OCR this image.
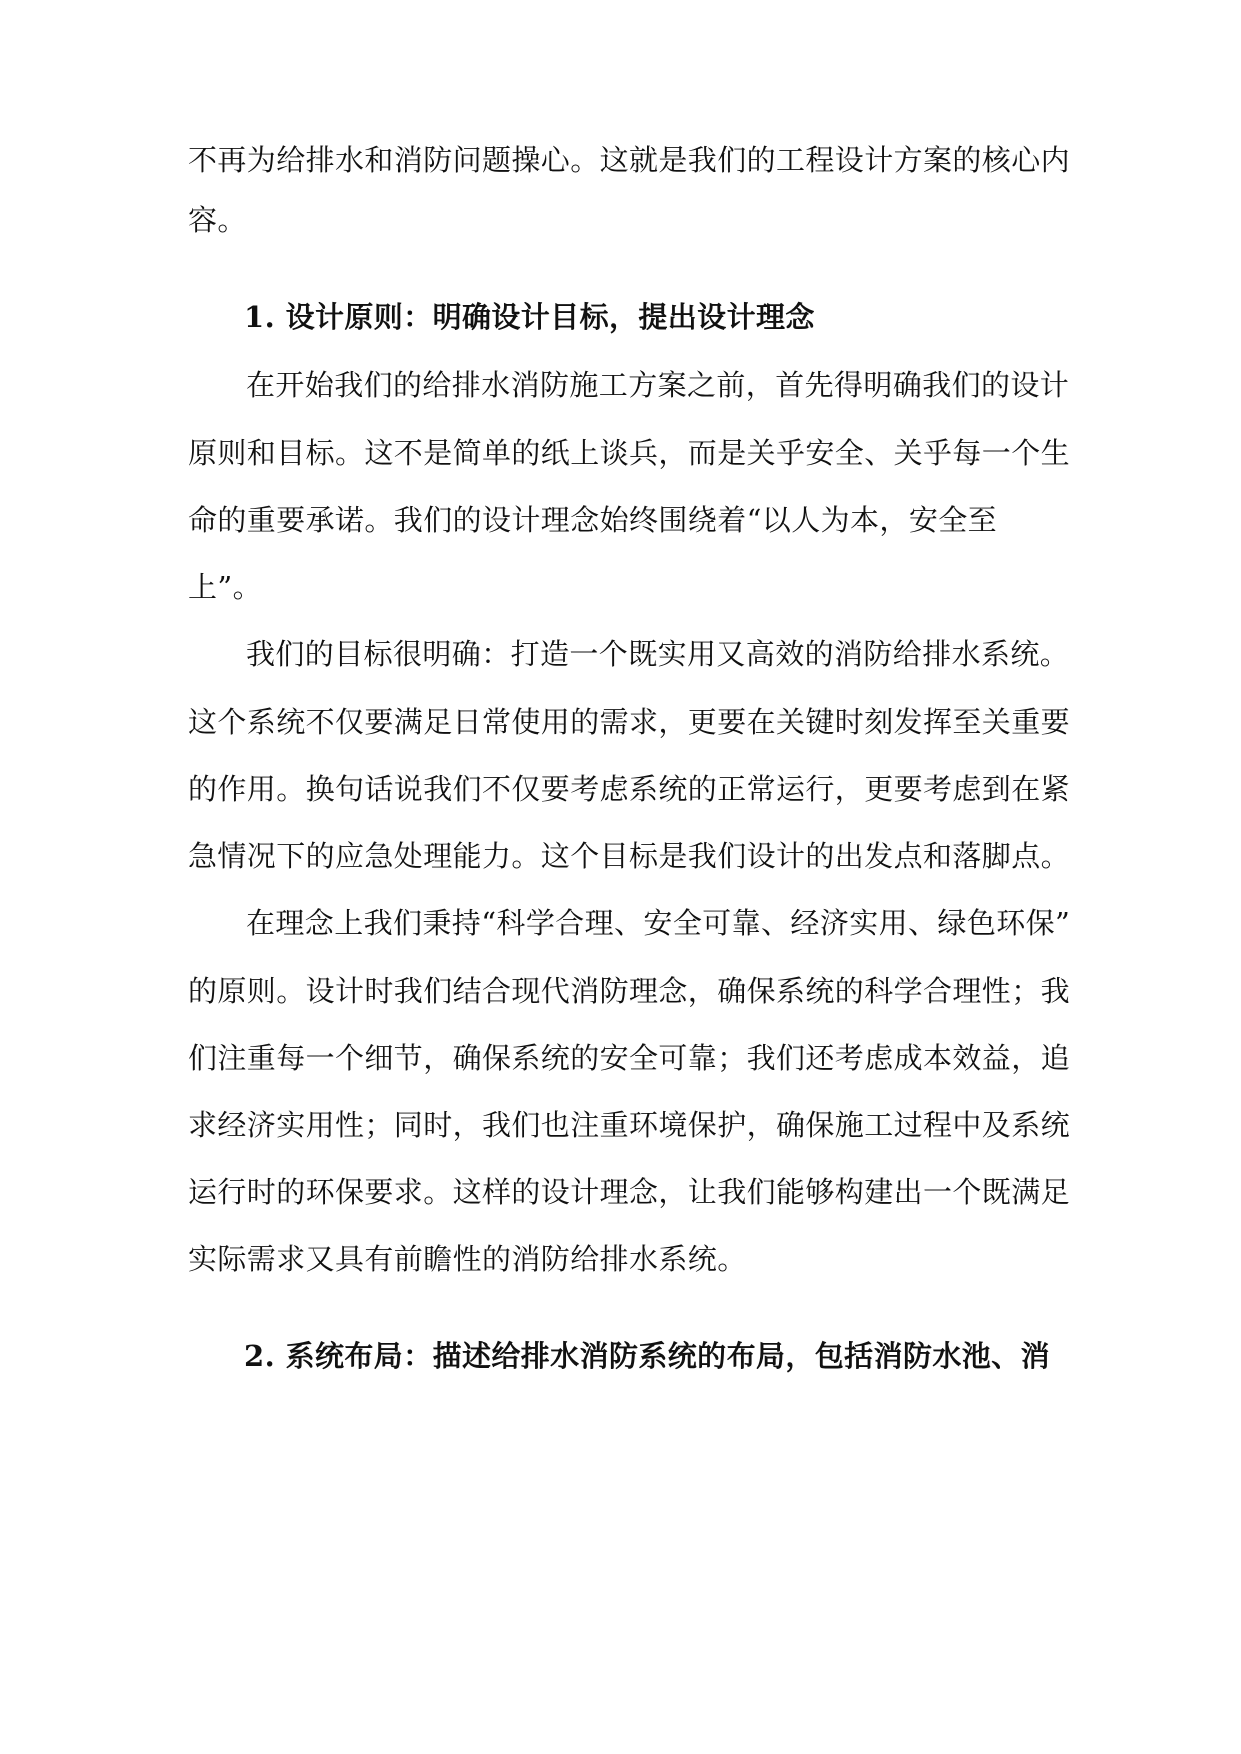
不再为给排水和消防问题操心。这就是我们的工程设计方案的核心内
容。
1. 设计原则：明确设计目标，提出设计理念
在开始我们的给排水消防施工方案之前，首先得明确我们的设计
原则和目标。这不是简单的纸上谈兵，而是关乎安全、关乎每一个生
命的重要承诺。我们的设计理念始终围绕着“以人为本，安全至
上”。
我们的目标很明确：打造一个既实用又高效的消防给排水系统。
这个系统不仅要满足日常使用的需求，更要在关键时刻发挥至关重要
的作用。换句话说我们不仅要考虑系统的正常运行，更要考虑到在紧
急情况下的应急处理能力。这个目标是我们设计的出发点和落脚点。
在理念上我们秉持“科学合理、安全可靠、经济实用、绿色环保”
的原则。设计时我们结合现代消防理念，确保系统的科学合理性；我
们注重每一个细节，确保系统的安全可靠；我们还考虑成本效益，追
求经济实用性；同时，我们也注重环境保护，确保施工过程中及系统
运行时的环保要求。这样的设计理念，让我们能够构建出一个既满足
实际需求又具有前瞻性的消防给排水系统。
2. 系统布局：描述给排水消防系统的布局，包括消防水池、消
